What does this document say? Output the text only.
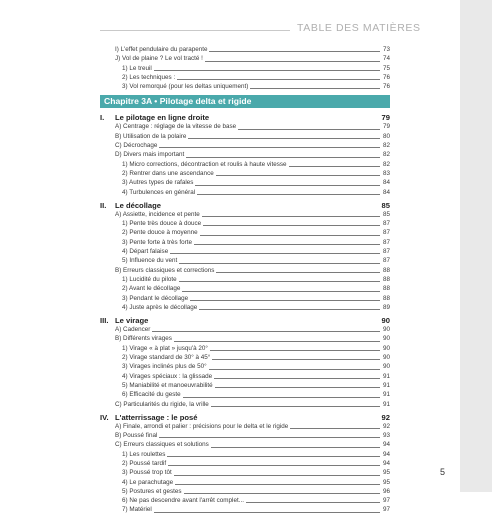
TABLE DES MATIÈRES
I) L'effet pendulaire du parapente	73
J) Vol de plaine ? Le vol tracté !	74
1) Le treuil	75
2) Les techniques :	76
3) Vol remorqué (pour les deltas uniquement)	76
Chapitre 3A • Pilotage delta et rigide
I.	Le pilotage en ligne droite	79
A) Centrage : réglage de la vitesse de base	79
B) Utilisation de la polaire	80
C) Décrochage	82
D) Divers mais important	82
1) Micro corrections, décontraction et roulis à haute vitesse	82
2) Rentrer dans une ascendance	83
3) Autres types de rafales	84
4) Turbulences en général	84
II.	Le décollage	85
A) Assiette, incidence et pente	85
1) Pente très douce à douce	87
2) Pente douce à moyenne	87
3) Pente forte à très forte	87
4) Départ falaise	87
5) Influence du vent	87
B) Erreurs classiques et corrections	88
1) Lucidité du pilote	88
2) Avant le décollage	88
3) Pendant le décollage	88
4) Juste après le décollage	89
III. Le virage	90
A) Cadencer	90
B) Différents virages	90
1) Virage « à plat » jusqu'à 20°	90
2) Virage standard de 30° à 45°	90
3) Virages inclinés plus de 50°	90
4) Virages spéciaux : la glissade	91
5) Maniabilité et manoeuvrabilité	91
6) Efficacité du geste	91
C) Particularités du rigide, la vrille	91
IV. L'atterrissage : le posé	92
A) Finale, arrondi et palier : précisions pour le delta et le rigide	92
B) Poussé final	93
C) Erreurs classiques et solutions	94
1) Les roulettes	94
2) Poussé tardif	94
3) Poussé trop tôt	95
4) Le parachutage	95
5) Postures et gestes	96
6) Ne pas descendre avant l'arrêt complet...	97
7) Matériel	97
5
